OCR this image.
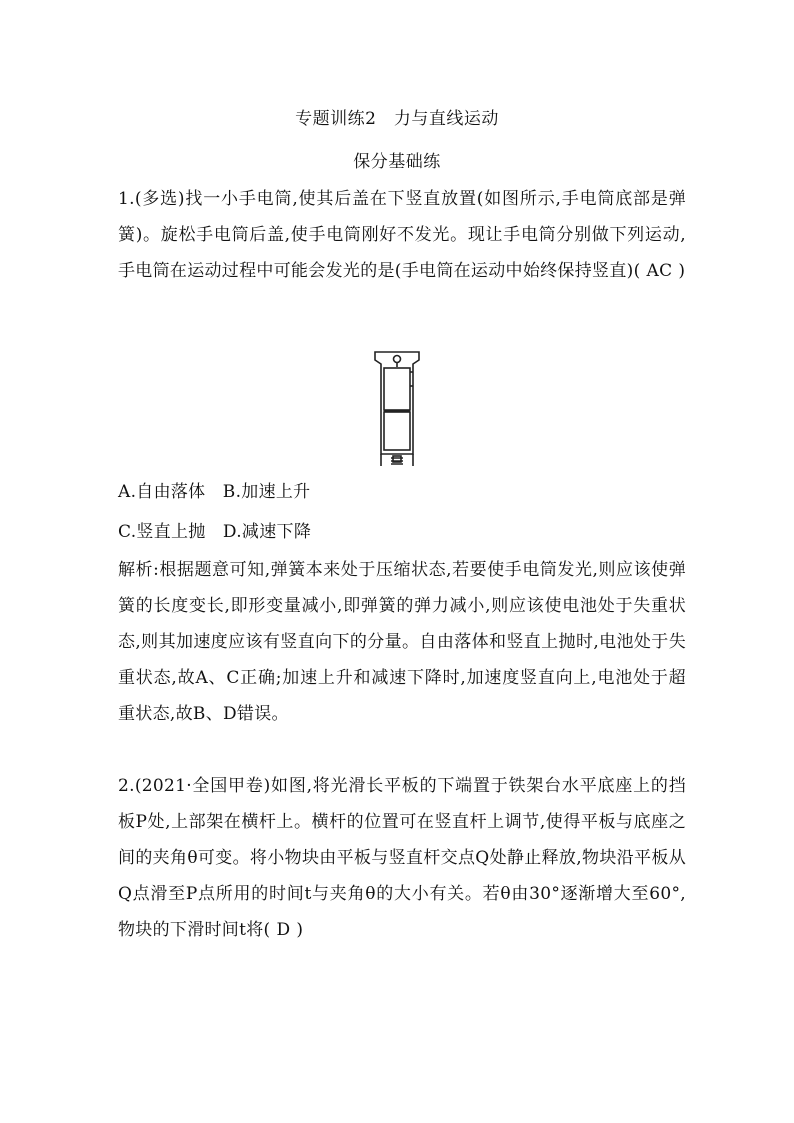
专题训练2　力与直线运动
保分基础练
1.(多选)找一小手电筒,使其后盖在下竖直放置(如图所示,手电筒底部是弹簧)。旋松手电筒后盖,使手电筒刚好不发光。现让手电筒分别做下列运动,手电筒在运动过程中可能会发光的是(手电筒在运动中始终保持竖直)( AC )
A.自由落体　B.加速上升
C.竖直上抛　D.减速下降
解析:根据题意可知,弹簧本来处于压缩状态,若要使手电筒发光,则应该使弹簧的长度变长,即形变量减小,即弹簧的弹力减小,则应该使电池处于失重状态,则其加速度应该有竖直向下的分量。自由落体和竖直上抛时,电池处于失重状态,故A、C正确;加速上升和减速下降时,加速度竖直向上,电池处于超重状态,故B、D错误。
2.(2021·全国甲卷)如图,将光滑长平板的下端置于铁架台水平底座上的挡板P处,上部架在横杆上。横杆的位置可在竖直杆上调节,使得平板与底座之间的夹角θ可变。将小物块由平板与竖直杆交点Q处静止释放,物块沿平板从Q点滑至P点所用的时间t与夹角θ的大小有关。若θ由30°逐渐增大至60°,物块的下滑时间t将( D )
